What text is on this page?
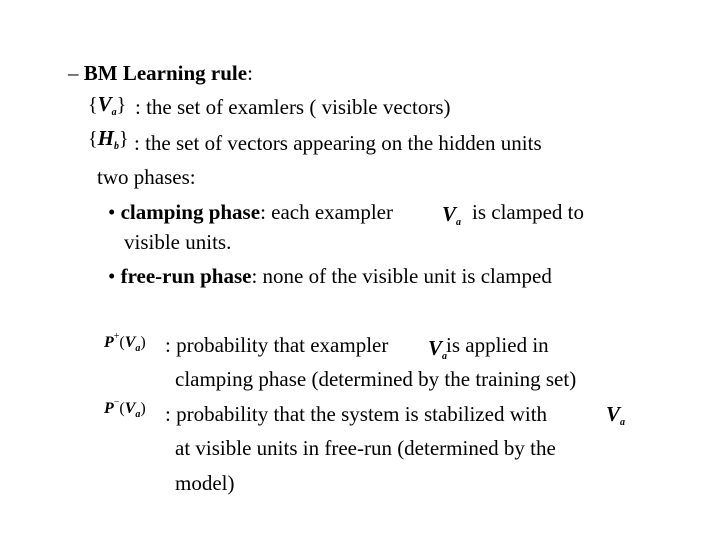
– BM Learning rule:
{Va} : the set of examlers ( visible vectors)
{Hb} : the set of vectors appearing on the hidden units
two phases:
• clamping phase: each exampler Va is clamped to
visible units.
• free-run phase: none of the visible unit is clamped
$P^+(V_a)$ : probability that exampler Va
is applied in
clamping phase (determined by the training set)
$P^-(V_a)$ : probability that the system is stabilized with	Va
at visible units in free-run (determined by the
model)
